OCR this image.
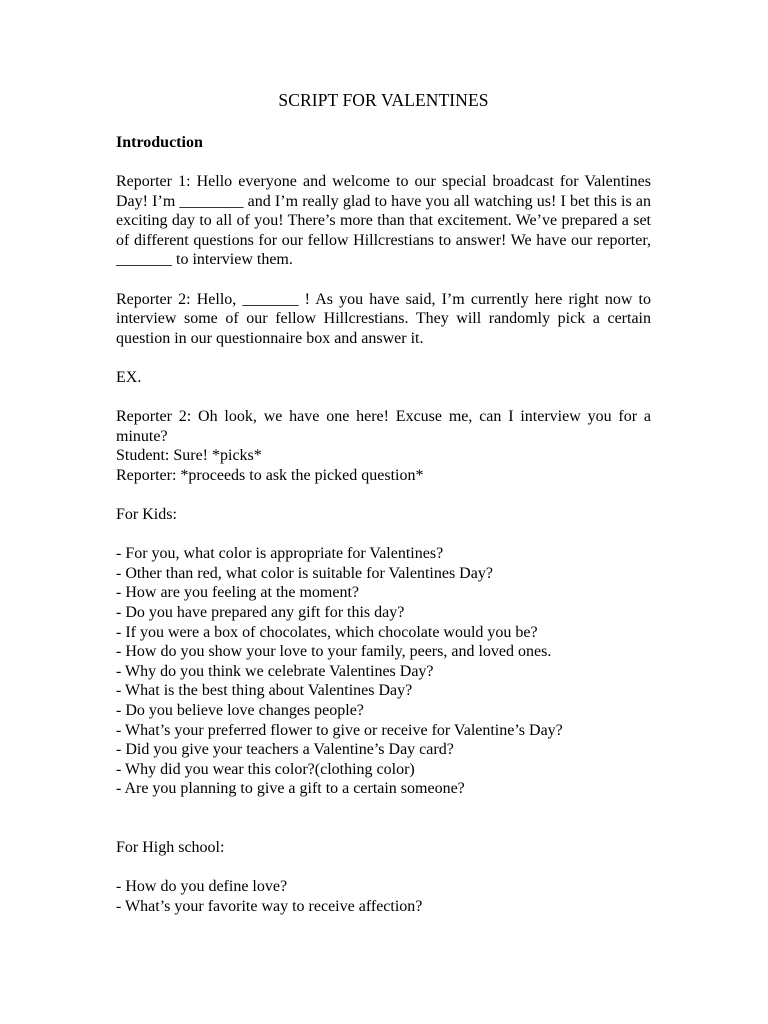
SCRIPT FOR VALENTINES
Introduction

Reporter 1: Hello everyone and welcome to our special broadcast for Valentines Day! I’m ________ and I’m really glad to have you all watching us! I bet this is an exciting day to all of you! There’s more than that excitement. We’ve prepared a set of different questions for our fellow Hillcrestians to answer! We have our reporter, _______ to interview them.

Reporter 2: Hello, _______ ! As you have said, I’m currently here right now to interview some of our fellow Hillcrestians. They will randomly pick a certain question in our questionnaire box and answer it.

EX.

Reporter 2: Oh look, we have one here! Excuse me, can I interview you for a minute?

Student: Sure! *picks*

Reporter: *proceeds to ask the picked question*

For Kids:

- For you, what color is appropriate for Valentines?
- Other than red, what color is suitable for Valentines Day?
- How are you feeling at the moment?
- Do you have prepared any gift for this day?
- If you were a box of chocolates, which chocolate would you be?
- How do you show your love to your family, peers, and loved ones.
- Why do you think we celebrate Valentines Day?
- What is the best thing about Valentines Day?
- Do you believe love changes people?
- What’s your preferred flower to give or receive for Valentine’s Day?
- Did you give your teachers a Valentine’s Day card?
- Why did you wear this color?(clothing color)
- Are you planning to give a gift to a certain someone?

For High school:

- How do you define love?
- What’s your favorite way to receive affection?
